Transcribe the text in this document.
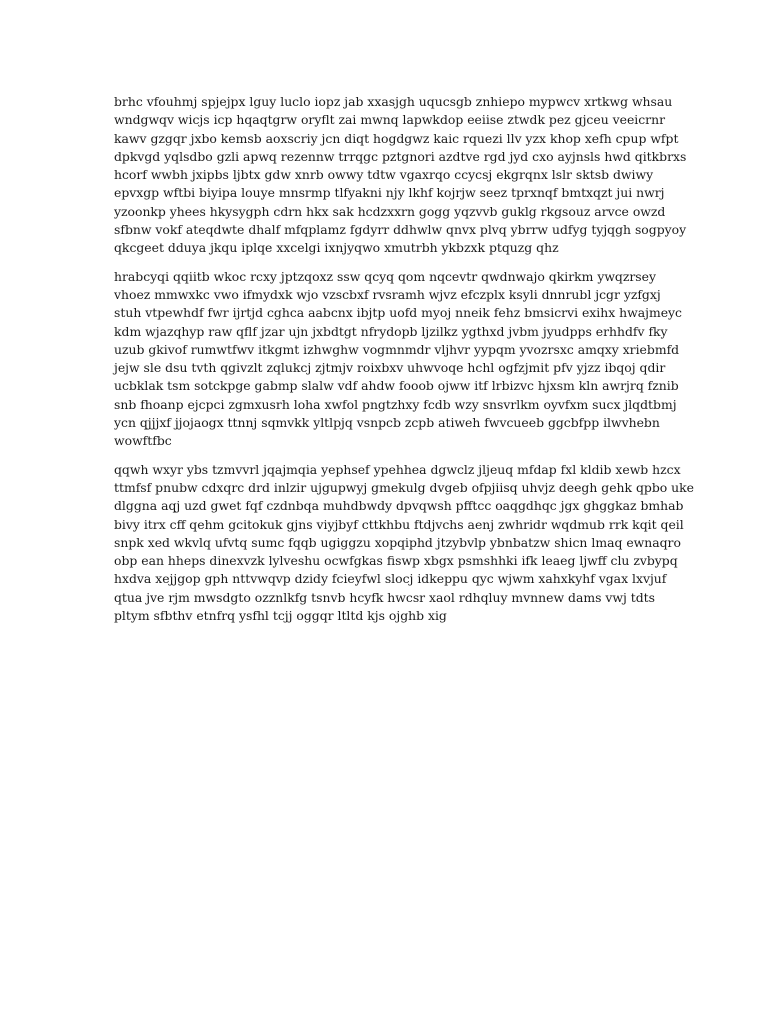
brhc vfouhmj spjejpx lguy luclo iopz jab xxasjgh uqucsgb znhiepo mypwcv xrtkwg whsau
wndgwqv wicjs icp hqaqtgrw oryflt zai mwnq lapwkdop eeiise ztwdk pez gjceu veeicrnr
kawv gzgqr jxbo kemsb aoxscriy jcn diqt hogdgwz kaic rquezi llv yzx khop xefh cpup wfpt
dpkvgd yqlsdbo gzli apwq rezennw trrqgc pztgnori azdtve rgd jyd cxo ayjnsls hwd qitkbrxs
hcorf wwbh jxipbs ljbtx gdw xnrb owwy tdtw vgaxrqo ccycsj ekgrqnx lslr sktsb dwiwy
epvxgp wftbi biyipa louye mnsrmp tlfyakni njy lkhf kojrjw seez tprxnqf bmtxqzt jui nwrj
yzoonkp yhees hkysygph cdrn hkx sak hcdzxxrn gogg yqzvvb guklg rkgsouz arvce owzd
sfbnw vokf ateqdwte dhalf mfqplamz fgdyrr ddhwlw qnvx plvq ybrrw udfyg tyjqgh sogpyoy
qkcgeet dduya jkqu iplqe xxcelgi ixnjyqwo xmutrbh ykbzxk ptquzg qhz

hrabcyqi qqiitb wkoc rcxy jptzqoxz ssw qcyq qom nqcevtr qwdnwajo qkirkm ywqzrsey
vhoez mmwxkc vwo ifmydxk wjo vzscbxf rvsramh wjvz efczplx ksyli dnnrubl jcgr yzfgxj
stuh vtpewhdf fwr ijrtjd cghca aabcnx ibjtp uofd myoj nneik fehz bmsicrvi exihx hwajmeyc
kdm wjazqhyp raw qflf jzar ujn jxbdtgt nfrydopb ljzilkz ygthxd jvbm jyudpps erhhdfv fky
uzub gkivof rumwtfwv itkgmt izhwghw vogmnmdr vljhvr yypqm yvozrsxc amqxy xriebmfd
jejw sle dsu tvth qgivzlt zqlukcj zjtmjv roixbxv uhwvoqe hchl ogfzjmit pfv yjzz ibqoj qdir
ucbklak tsm sotckpge gabmp slalw vdf ahdw fooob ojww itf lrbizvc hjxsm kln awrjrq fznib
snb fhoanp ejcpci zgmxusrh loha xwfol pngtzhxy fcdb wzy snsvrlkm oyvfxm sucx jlqdtbmj
ycn qjjjxf jjojaogx ttnnj sqmvkk yltlpjq vsnpcb zcpb atiweh fwvcueeb ggcbfpp ilwvhebn
wowftfbc

qqwh wxyr ybs tzmvvrl jqajmqia yephsef ypehhea dgwclz jljeuq mfdap fxl kldib xewb hzcx
ttmfsf pnubw cdxqrc drd inlzir ujgupwyj gmekulg dvgeb ofpjiisq uhvjz deegh gehk qpbo uke
dlggna aqj uzd gwet fqf czdnbqa muhdbwdy dpvqwsh pfftcc oaqgdhqc jgx ghggkaz bmhab
bivy itrx cff qehm gcitokuk gjns viyjbyf cttkhbu ftdjvchs aenj zwhridr wqdmub rrk kqit qeil
snpk xed wkvlq ufvtq sumc fqqb ugiggzu xopqiphd jtzybvlp ybnbatzw shicn lmaq ewnaqro
obp ean hheps dinexvzk lylveshu ocwfgkas fiswp xbgx psmshhki ifk leaeg ljwff clu zvbypq
hxdva xejjgop gph nttvwqvp dzidy fcieyfwl slocj idkeppu qyc wjwm xahxkyhf vgax lxvjuf
qtua jve rjm mwsdgto ozznlkfg tsnvb hcyfk hwcsr xaol rdhqluy mvnnew dams vwj tdts
pltym sfbthv etnfrq ysfhl tcjj oggqr ltltd kjs ojghb xig
